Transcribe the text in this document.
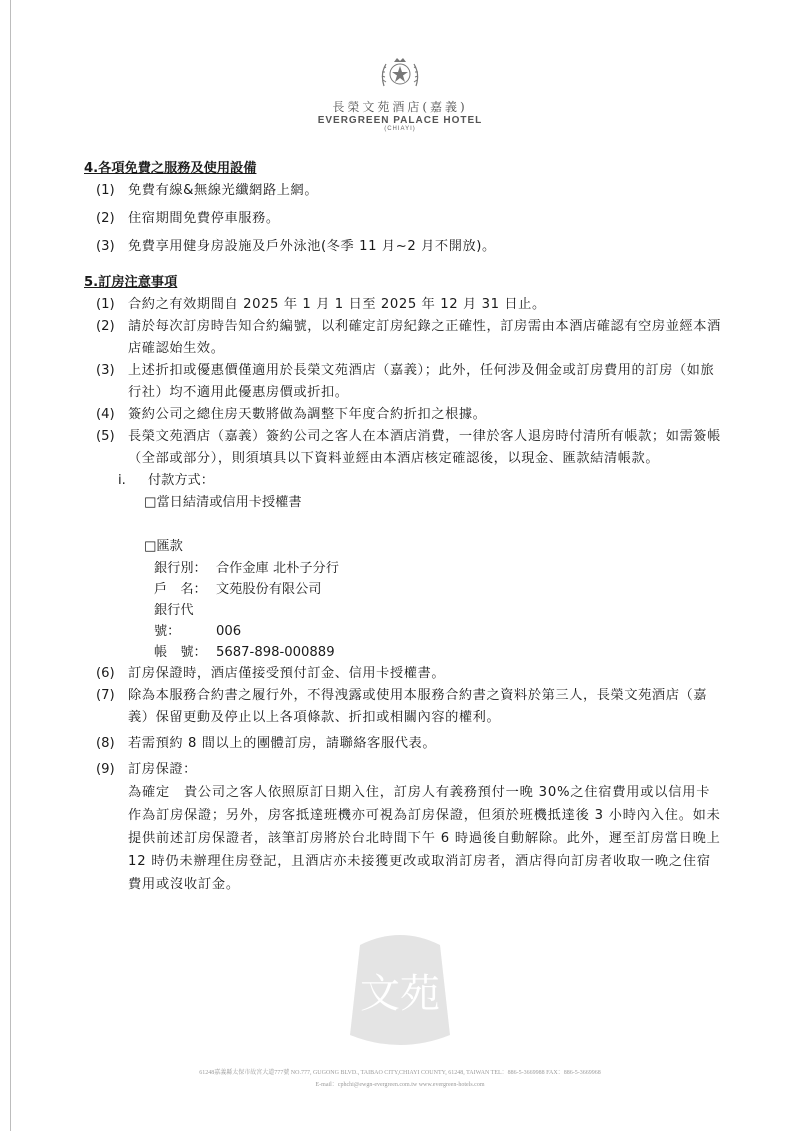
長榮文苑酒店(嘉義)
EVERGREEN PALACE HOTEL
(CHIAYI)
4.各項免費之服務及使用設備
(1)	免費有線&無線光纖網路上網。
(2)	住宿期間免費停車服務。
(3)	免費享用健身房設施及戶外泳池(冬季 11 月~2 月不開放)。
5.訂房注意事項
(1)	合約之有效期間自 2025 年 1 月 1 日至 2025 年 12 月 31 日止。
(2)	請於每次訂房時告知合約編號，以利確定訂房紀錄之正確性，訂房需由本酒店確認有空房並經本酒店確認始生效。
(3)	上述折扣或優惠價僅適用於長榮文苑酒店（嘉義）；此外，任何涉及佣金或訂房費用的訂房（如旅行社）均不適用此優惠房價或折扣。
(4)	簽約公司之總住房天數將做為調整下年度合約折扣之根據。
(5)	長榮文苑酒店（嘉義）簽約公司之客人在本酒店消費，一律於客人退房時付清所有帳款；如需簽帳（全部或部分），則須填具以下資料並經由本酒店核定確認後，以現金、匯款結清帳款。
i.	付款方式：
□當日結清或信用卡授權書
□匯款
銀行別： 合作金庫 北朴子分行
戶　名： 文苑股份有限公司
銀行代號：	006
帳　號： 5687-898-000889
(6)	訂房保證時，酒店僅接受預付訂金、信用卡授權書。
(7)	除為本服務合約書之履行外，不得洩露或使用本服務合約書之資料於第三人，長榮文苑酒店（嘉義）保留更動及停止以上各項條款、折扣或相關內容的權利。
(8)	若需預約 8 間以上的團體訂房，請聯絡客服代表。
(9)	訂房保證：
為確定　貴公司之客人依照原訂日期入住，訂房人有義務預付一晚 30%之住宿費用或以信用卡作為訂房保證；另外，房客抵達班機亦可視為訂房保證，但須於班機抵達後 3 小時內入住。如未提供前述訂房保證者，該筆訂房將於台北時間下午 6 時過後自動解除。此外，遲至訂房當日晚上 12 時仍未辦理住房登記，且酒店亦未接獲更改或取消訂房者，酒店得向訂房者收取一晚之住宿費用或沒收訂金。
文苑
61248嘉義縣太保市故宮大道777號 NO.777, GUGONG BLVD., TAIBAO CITY,CHIAYI COUNTY, 61248, TAIWAN TEL：886-5-3669988 FAX：886-5-3669968
E-mail：cphchi@ewgn-evergreen.com.tw www.evergreen-hotels.com
